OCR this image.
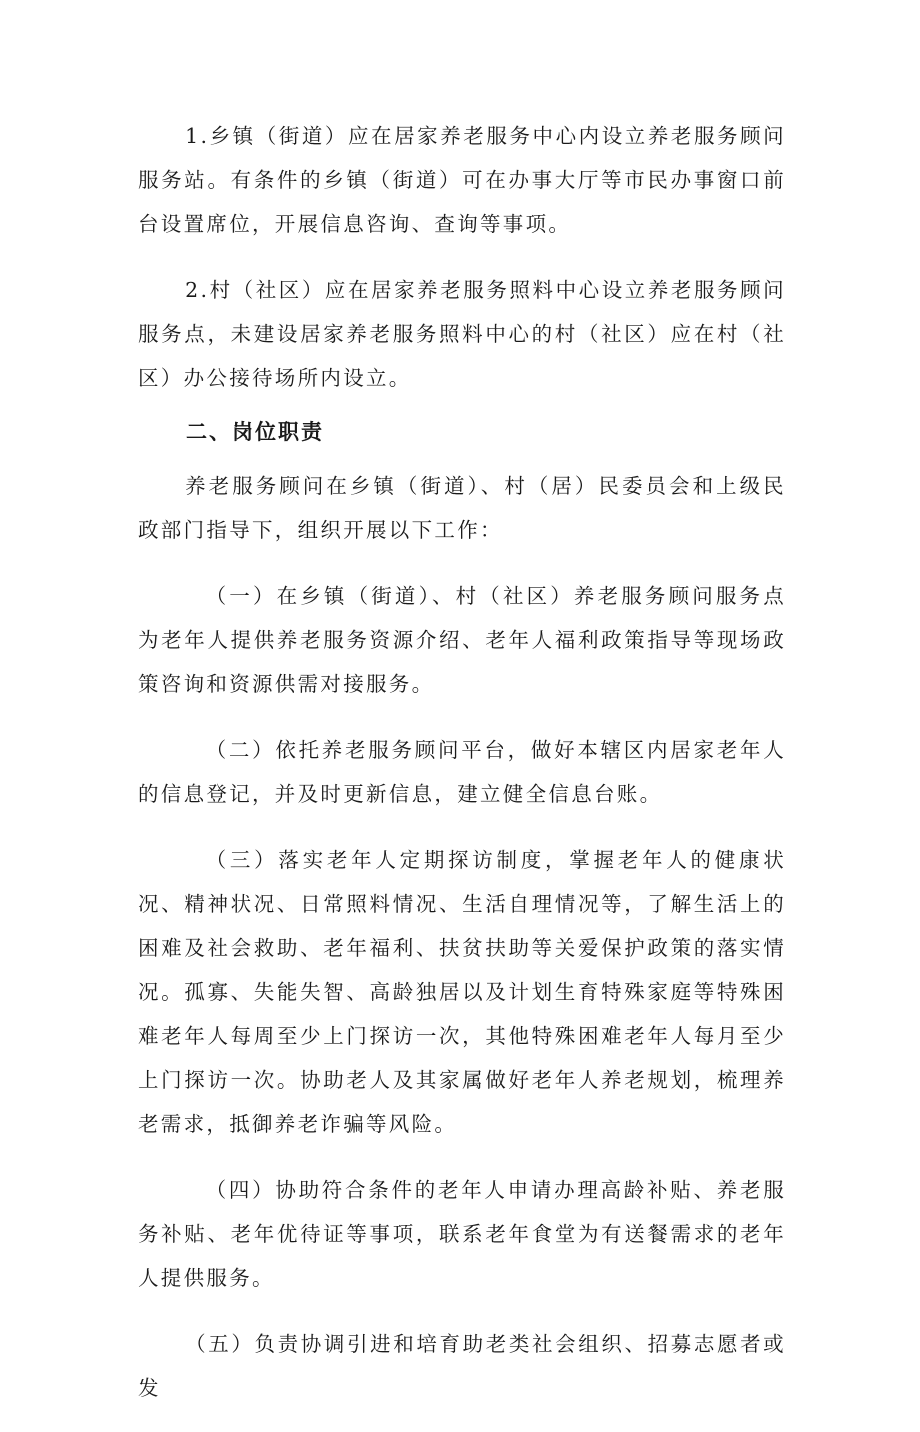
1.乡镇（街道）应在居家养老服务中心内设立养老服务顾问服务站。有条件的乡镇（街道）可在办事大厅等市民办事窗口前台设置席位，开展信息咨询、查询等事项。

2.村（社区）应在居家养老服务照料中心设立养老服务顾问服务点，未建设居家养老服务照料中心的村（社区）应在村（社区）办公接待场所内设立。

二、岗位职责

养老服务顾问在乡镇（街道）、村（居）民委员会和上级民政部门指导下，组织开展以下工作：

（一）在乡镇（街道）、村（社区）养老服务顾问服务点为老年人提供养老服务资源介绍、老年人福利政策指导等现场政策咨询和资源供需对接服务。

（二）依托养老服务顾问平台，做好本辖区内居家老年人的信息登记，并及时更新信息，建立健全信息台账。

（三）落实老年人定期探访制度，掌握老年人的健康状况、精神状况、日常照料情况、生活自理情况等，了解生活上的困难及社会救助、老年福利、扶贫扶助等关爱保护政策的落实情况。孤寡、失能失智、高龄独居以及计划生育特殊家庭等特殊困难老年人每周至少上门探访一次，其他特殊困难老年人每月至少上门探访一次。协助老人及其家属做好老年人养老规划，梳理养老需求，抵御养老诈骗等风险。

（四）协助符合条件的老年人申请办理高龄补贴、养老服务补贴、老年优待证等事项，联系老年食堂为有送餐需求的老年人提供服务。

（五）负责协调引进和培育助老类社会组织、招募志愿者或发
